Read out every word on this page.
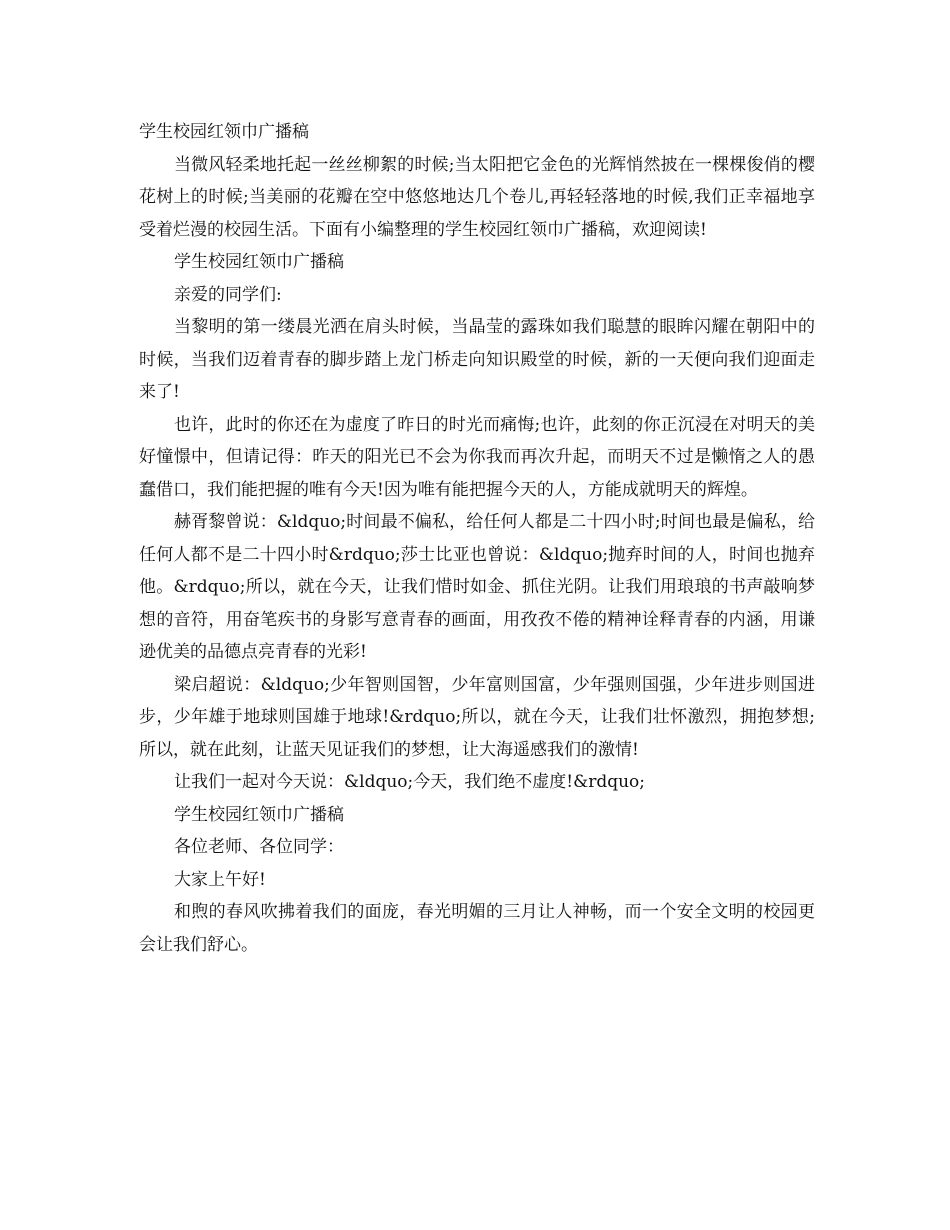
学生校园红领巾广播稿

当微风轻柔地托起一丝丝柳絮的时候;当太阳把它金色的光辉悄然披在一棵棵俊俏的樱花树上的时候;当美丽的花瓣在空中悠悠地达几个卷儿,再轻轻落地的时候,我们正幸福地享受着烂漫的校园生活。下面有小编整理的学生校园红领巾广播稿，欢迎阅读!

学生校园红领巾广播稿

亲爱的同学们:

当黎明的第一缕晨光洒在肩头时候，当晶莹的露珠如我们聪慧的眼眸闪耀在朝阳中的时候，当我们迈着青春的脚步踏上龙门桥走向知识殿堂的时候，新的一天便向我们迎面走来了!

也许，此时的你还在为虚度了昨日的时光而痛悔;也许，此刻的你正沉浸在对明天的美好憧憬中，但请记得：昨天的阳光已不会为你我而再次升起，而明天不过是懒惰之人的愚蠢借口，我们能把握的唯有今天!因为唯有能把握今天的人，方能成就明天的辉煌。

赫胥黎曾说：&ldquo;时间最不偏私，给任何人都是二十四小时;时间也最是偏私，给任何人都不是二十四小时&rdquo;莎士比亚也曾说：&ldquo;抛弃时间的人，时间也抛弃他。&rdquo;所以，就在今天，让我们惜时如金、抓住光阴。让我们用琅琅的书声敲响梦想的音符，用奋笔疾书的身影写意青春的画面，用孜孜不倦的精神诠释青春的内涵，用谦逊优美的品德点亮青春的光彩!

梁启超说：&ldquo;少年智则国智，少年富则国富，少年强则国强，少年进步则国进步，少年雄于地球则国雄于地球!&rdquo;所以，就在今天，让我们壮怀激烈，拥抱梦想;所以，就在此刻，让蓝天见证我们的梦想，让大海遥感我们的激情!

让我们一起对今天说：&ldquo;今天，我们绝不虚度!&rdquo;

学生校园红领巾广播稿

各位老师、各位同学：

大家上午好!

和煦的春风吹拂着我们的面庞，春光明媚的三月让人神畅，而一个安全文明的校园更会让我们舒心。
